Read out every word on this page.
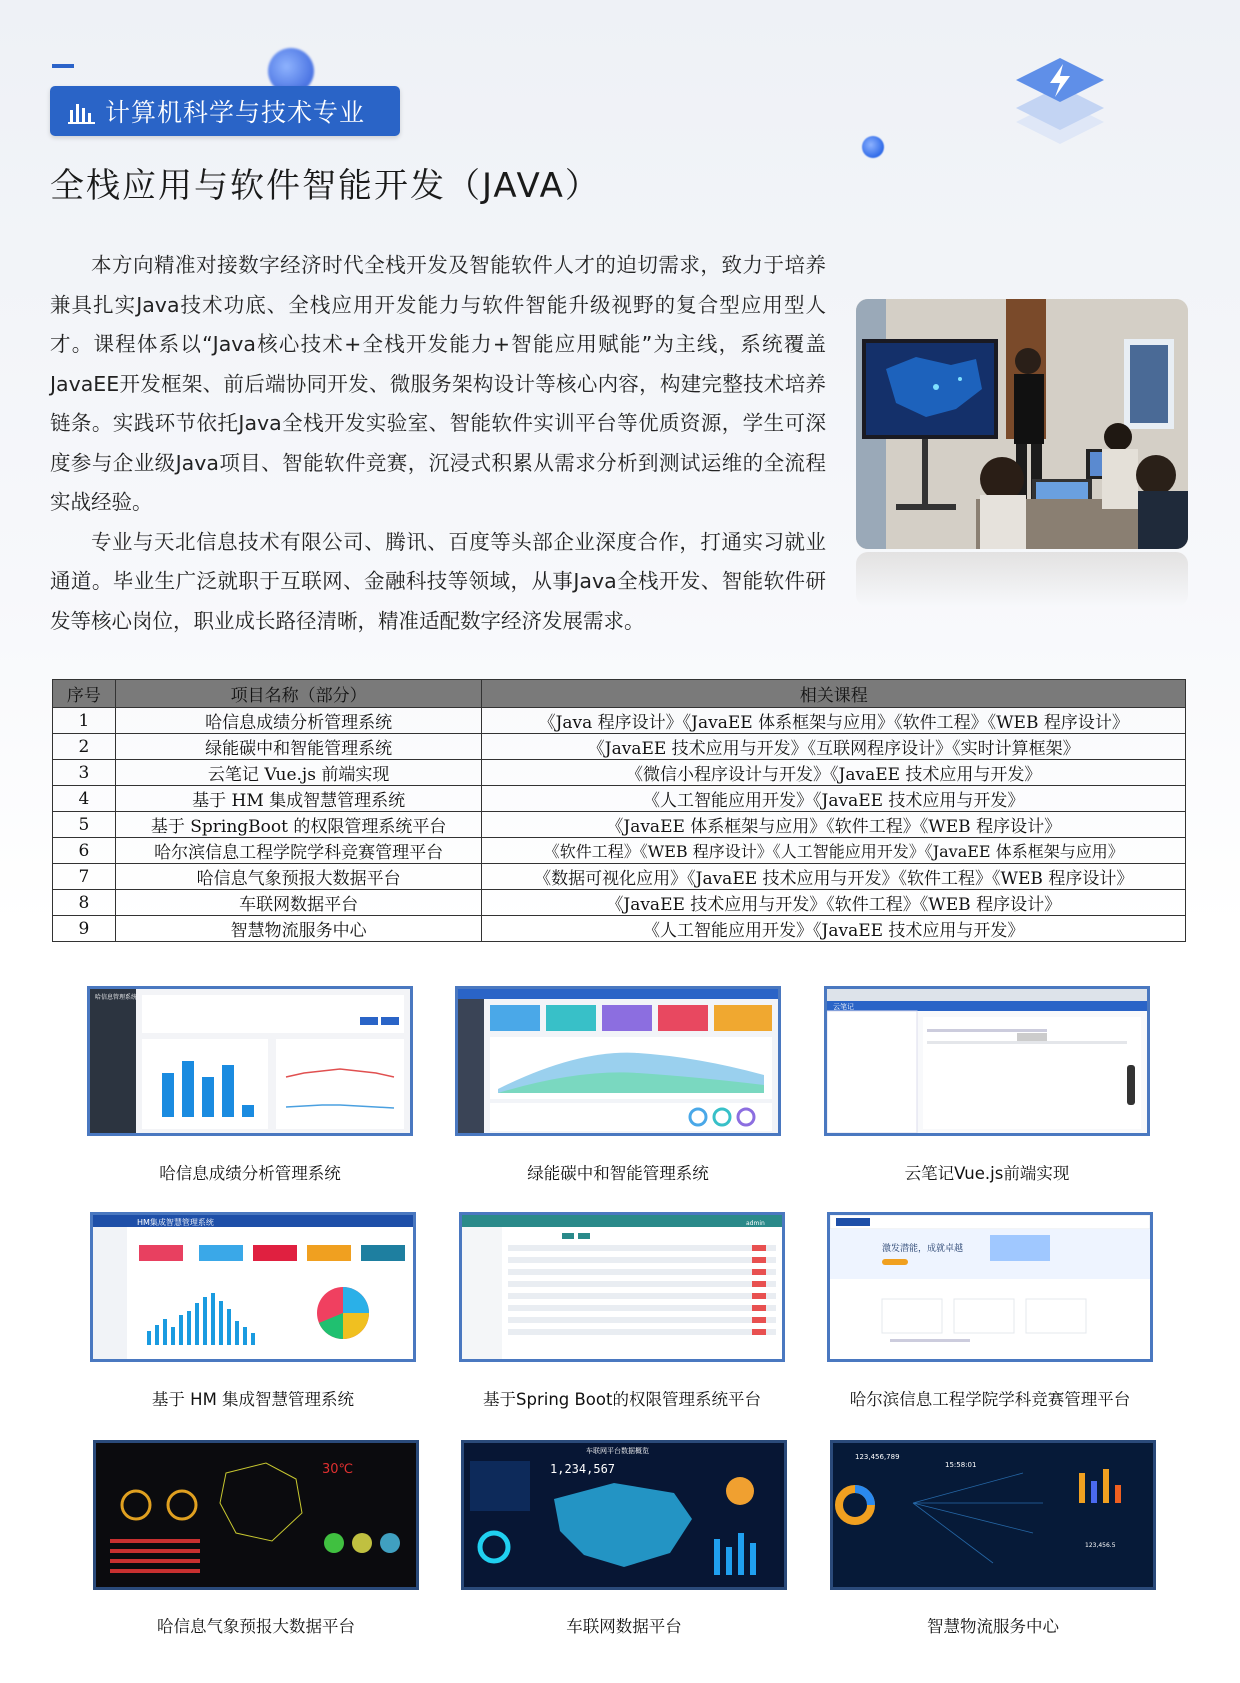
计算机科学与技术专业
全栈应用与软件智能开发（JAVA）

本方向精准对接数字经济时代全栈开发及智能软件人才的迫切需求，致力于培养兼具扎实Java技术功底、全栈应用开发能力与软件智能升级视野的复合型应用型人才。课程体系以“Java核心技术+全栈开发能力+智能应用赋能”为主线，系统覆盖JavaEE开发框架、前后端协同开发、微服务架构设计等核心内容，构建完整技术培养链条。实践环节依托Java全栈开发实验室、智能软件实训平台等优质资源，学生可深度参与企业级Java项目、智能软件竞赛，沉浸式积累从需求分析到测试运维的全流程实战经验。

专业与天北信息技术有限公司、腾讯、百度等头部企业深度合作，打通实习就业通道。毕业生广泛就职于互联网、金融科技等领域，从事Java全栈开发、智能软件研发等核心岗位，职业成长路径清晰，精准适配数字经济发展需求。

序号	项目名称（部分）	相关课程
1	哈信息成绩分析管理系统	《Java 程序设计》《JavaEE 体系框架与应用》《软件工程》《WEB 程序设计》
2	绿能碳中和智能管理系统	《JavaEE 技术应用与开发》《互联网程序设计》《实时计算框架》
3	云笔记 Vue.js 前端实现	《微信小程序设计与开发》《JavaEE 技术应用与开发》
4	基于 HM 集成智慧管理系统	《人工智能应用开发》《JavaEE 技术应用与开发》
5	基于 SpringBoot 的权限管理系统平台	《JavaEE 体系框架与应用》《软件工程》《WEB 程序设计》
6	哈尔滨信息工程学院学科竞赛管理平台	《软件工程》《WEB 程序设计》《人工智能应用开发》《JavaEE 体系框架与应用》
7	哈信息气象预报大数据平台	《数据可视化应用》《JavaEE 技术应用与开发》《软件工程》《WEB 程序设计》
8	车联网数据平台	《JavaEE 技术应用与开发》《软件工程》《WEB 程序设计》
9	智慧物流服务中心	《人工智能应用开发》《JavaEE 技术应用与开发》
哈信息管理系统
云笔记
哈信息成绩分析管理系统	绿能碳中和智能管理系统	云笔记Vue.js前端实现
HM集成智慧管理系统	admin
激发潜能，成就卓越
基于 HM 集成智慧管理系统	基于Spring Boot的权限管理系统平台	哈尔滨信息工程学院学科竞赛管理平台
30℃
车联网平台数据概览
1,234,567
123,456,789
15:58:01
123,456.5
哈信息气象预报大数据平台	车联网数据平台	智慧物流服务中心
